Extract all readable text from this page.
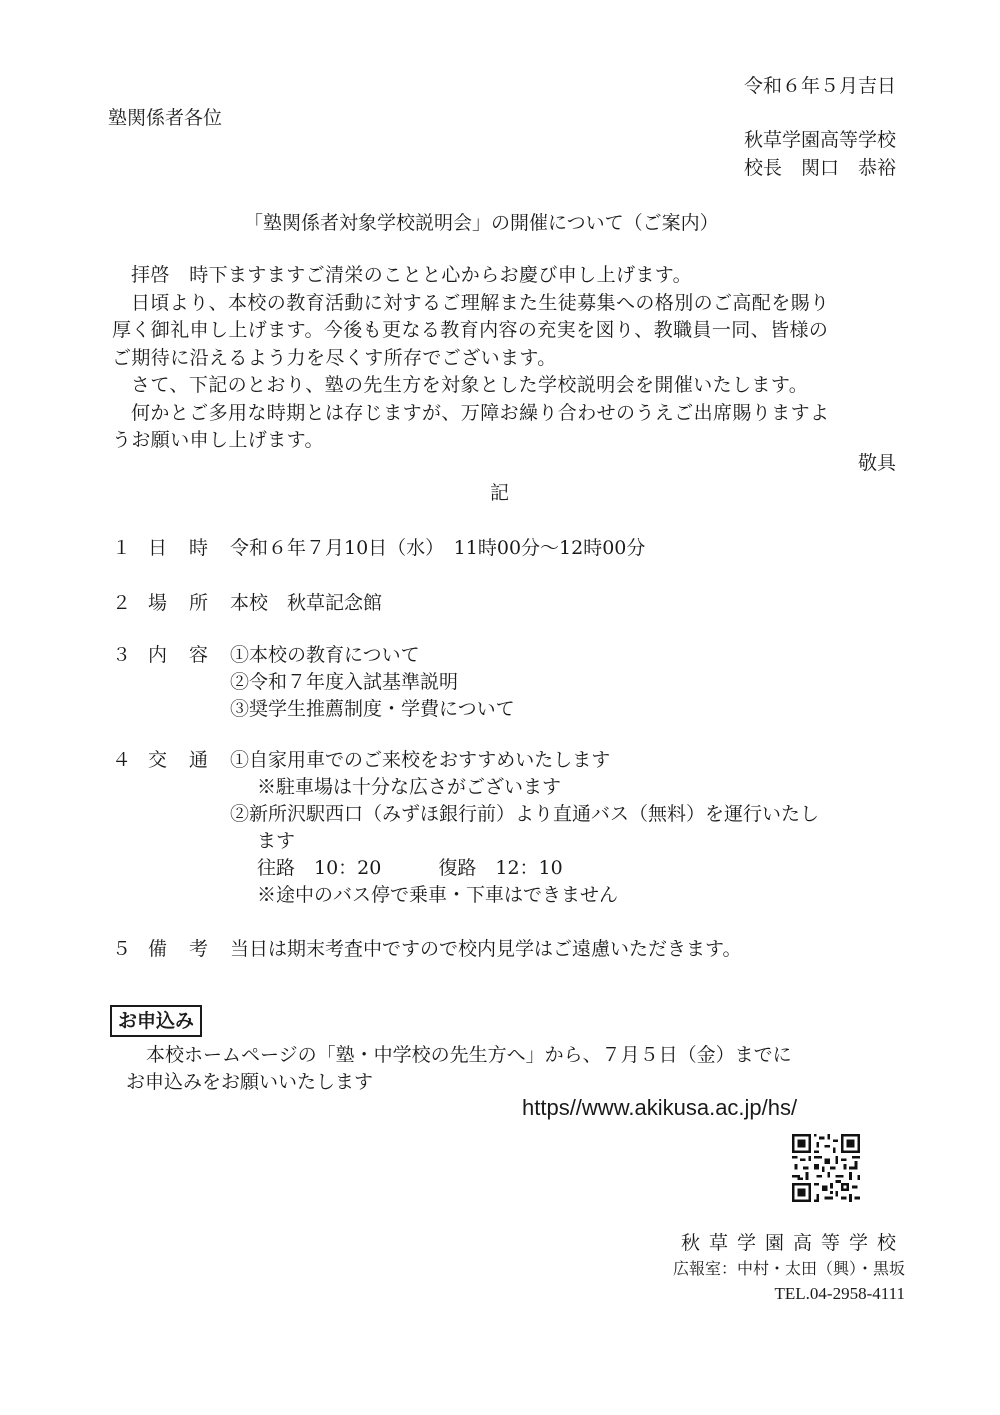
令和６年５月吉日
塾関係者各位
秋草学園高等学校
校長　関口　恭裕
「塾関係者対象学校説明会」の開催について（ご案内）

拝啓　時下ますますご清栄のことと心からお慶び申し上げます。

日頃より、本校の教育活動に対するご理解また生徒募集への格別のご高配を賜り

厚く御礼申し上げます。今後も更なる教育内容の充実を図り、教職員一同、皆様の

ご期待に沿えるよう力を尽くす所存でございます。

さて、下記のとおり、塾の先生方を対象とした学校説明会を開催いたします。

何かとご多用な時期とは存じますが、万障お繰り合わせのうえご出席賜りますよ

うお願い申し上げます。

敬具
記
１ 日時 令和６年７月10日（水）　11時00分～12時00分
２ 場所 本校　秋草記念館
３ 内容 ①本校の教育について
②令和７年度入試基準説明
③奨学生推薦制度・学費について
４ 交通 ①自家用車でのご来校をおすすめいたします
※駐車場は十分な広さがございます
②新所沢駅西口（みずほ銀行前）より直通バス（無料）を運行いたし
ます
往路　10：20　　　復路　12：10
※途中のバス停で乗車・下車はできません
５ 備考 当日は期末考査中ですので校内見学はご遠慮いただきます。
お申込み
本校ホームページの「塾・中学校の先生方へ」から、７月５日（金）までに
お申込みをお願いいたします
https//www.akikusa.ac.jp/hs/
秋草学園高等学校
広報室：中村・太田（興）・黒坂
TEL.04-2958-4111
